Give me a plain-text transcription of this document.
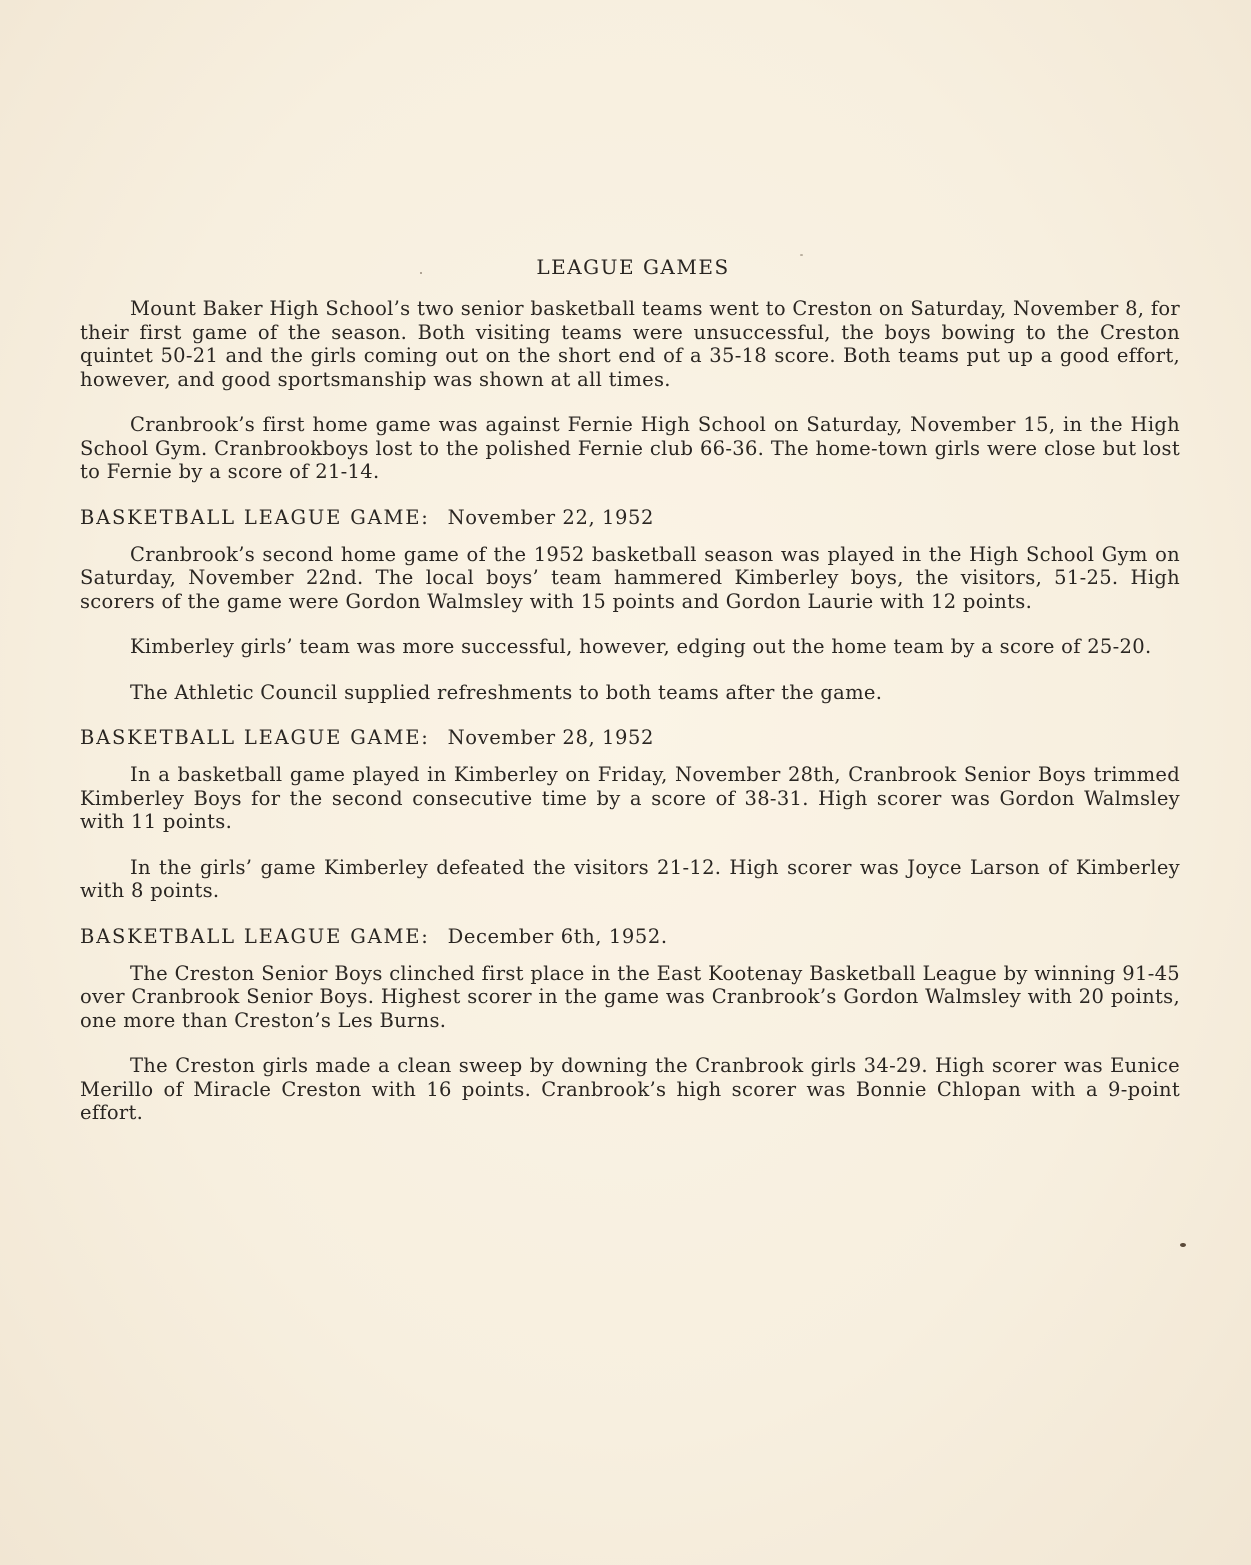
LEAGUE GAMES

Mount Baker High School’s two senior basketball teams went to Creston on Saturday, November 8, for their first game of the season. Both visiting teams were unsuccessful, the boys bowing to the Creston quintet 50-21 and the girls coming out on the short end of a 35-18 score. Both teams put up a good effort, however, and good sportsmanship was shown at all times.

Cranbrook’s first home game was against Fernie High School on Saturday, November 15, in the High School Gym. Cranbrookboys lost to the polished Fernie club 66-36. The home-town girls were close but lost to Fernie by a score of 21-14.

BASKETBALL LEAGUE GAME: November 22, 1952

Cranbrook’s second home game of the 1952 basketball season was played in the High School Gym on Saturday, November 22nd. The local boys’ team hammered Kimberley boys, the visitors, 51-25. High scorers of the game were Gordon Walmsley with 15 points and Gordon Laurie with 12 points.

Kimberley girls’ team was more successful, however, edging out the home team by a score of 25-20.

The Athletic Council supplied refreshments to both teams after the game.

BASKETBALL LEAGUE GAME: November 28, 1952

In a basketball game played in Kimberley on Friday, November 28th, Cranbrook Senior Boys trimmed Kimberley Boys for the second consecutive time by a score of 38-31. High scorer was Gordon Walmsley with 11 points.

In the girls’ game Kimberley defeated the visitors 21-12. High scorer was Joyce Larson of Kimberley with 8 points.

BASKETBALL LEAGUE GAME: December 6th, 1952.

The Creston Senior Boys clinched first place in the East Kootenay Basketball League by winning 91-45 over Cranbrook Senior Boys. Highest scorer in the game was Cranbrook’s Gordon Walmsley with 20 points, one more than Creston’s Les Burns.

The Creston girls made a clean sweep by downing the Cranbrook girls 34-29. High scorer was Eunice Merillo of Miracle Creston with 16 points. Cranbrook’s high scorer was Bonnie Chlopan with a 9-point effort.
